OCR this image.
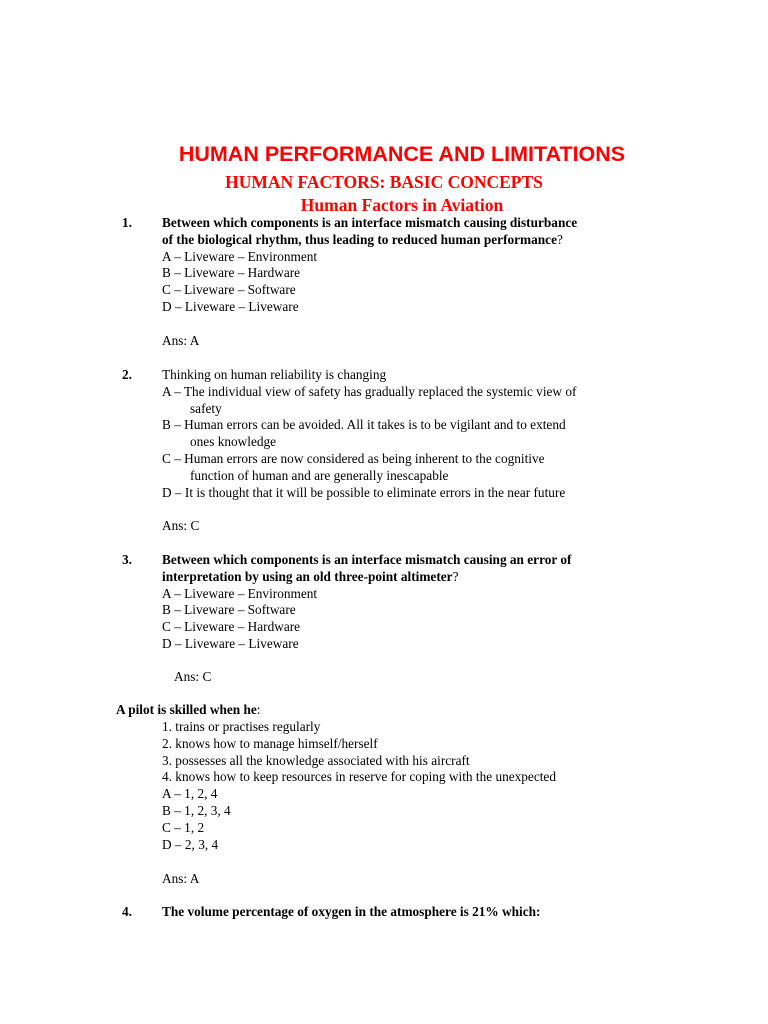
HUMAN PERFORMANCE AND LIMITATIONS
HUMAN FACTORS: BASIC CONCEPTS
Human Factors in Aviation
1. Between which components is an interface mismatch causing disturbance
of the biological rhythm, thus leading to reduced human performance?
A – Liveware – Environment
B – Liveware – Hardware
C – Liveware – Software
D – Liveware – Liveware
Ans: A
2. Thinking on human reliability is changing
A – The individual view of safety has gradually replaced the systemic view of
safety
B – Human errors can be avoided. All it takes is to be vigilant and to extend
ones knowledge
C – Human errors are now considered as being inherent to the cognitive
function of human and are generally inescapable
D – It is thought that it will be possible to eliminate errors in the near future
Ans: C
3. Between which components is an interface mismatch causing an error of
interpretation by using an old three-point altimeter?
A – Liveware – Environment
B – Liveware – Software
C – Liveware – Hardware
D – Liveware – Liveware
Ans: C
A pilot is skilled when he:
1. trains or practises regularly
2. knows how to manage himself/herself
3. possesses all the knowledge associated with his aircraft
4. knows how to keep resources in reserve for coping with the unexpected
A – 1, 2, 4
B – 1, 2, 3, 4
C – 1, 2
D – 2, 3, 4
Ans: A
4. The volume percentage of oxygen in the atmosphere is 21% which:
